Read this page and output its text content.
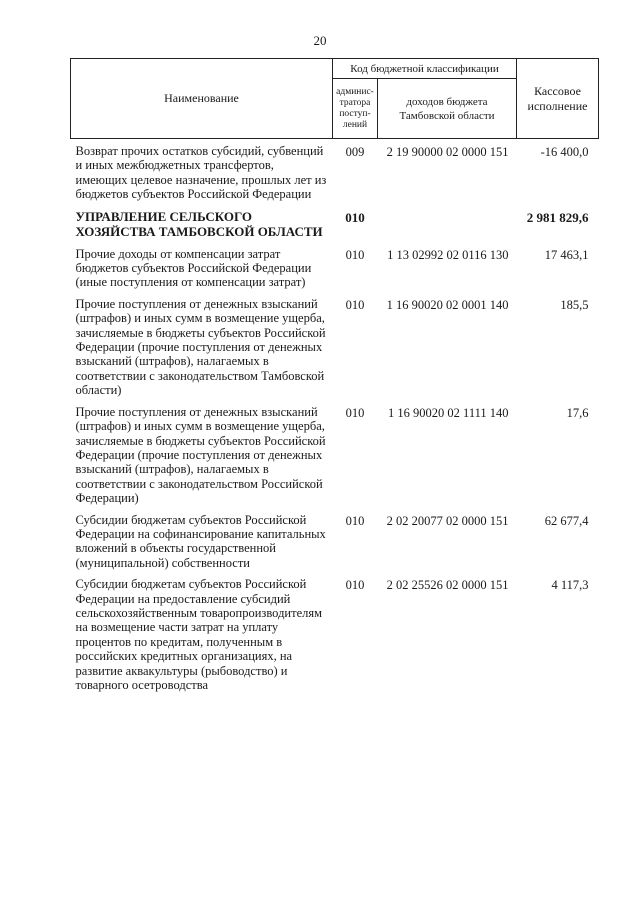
20
Наименование	Код бюджетной классификации		Кассовое исполнение
	админис-тратора поступ-лений	доходов бюджета Тамбовской области	

Возврат прочих остатков субсидий, субвенций и иных межбюджетных трансфертов, имеющих целевое назначение, прошлых лет из бюджетов субъектов Российской Федерации	009	2 19 90000 02 0000 151	-16 400,0
УПРАВЛЕНИЕ СЕЛЬСКОГО ХОЗЯЙСТВА ТАМБОВСКОЙ ОБЛАСТИ	010		2 981 829,6
Прочие доходы от компенсации затрат бюджетов субъектов Российской Федерации (иные поступления от компенсации затрат)	010	1 13 02992 02 0116 130	17 463,1
Прочие поступления от денежных взысканий (штрафов) и иных сумм в возмещение ущерба, зачисляемые в бюджеты субъектов Российской Федерации (прочие поступления от денежных взысканий (штрафов), налагаемых в соответствии с законодательством Тамбовской области)	010	1 16 90020 02 0001 140	185,5
Прочие поступления от денежных взысканий (штрафов) и иных сумм в возмещение ущерба, зачисляемые в бюджеты субъектов Российской Федерации (прочие поступления от денежных взысканий (штрафов), налагаемых в соответствии с законодательством Российской Федерации)	010	1 16 90020 02 1111 140	17,6
Субсидии бюджетам субъектов Российской Федерации на софинансирование капитальных вложений в объекты государственной (муниципальной) собственности	010	2 02 20077 02 0000 151	62 677,4
Субсидии бюджетам субъектов Российской Федерации на предоставление субсидий сельскохозяйственным товаропроизводителям на возмещение части затрат на уплату процентов по кредитам, полученным в российских кредитных организациях, на развитие аквакультуры (рыбоводство) и товарного осетроводства	010	2 02 25526 02 0000 151	4 117,3
